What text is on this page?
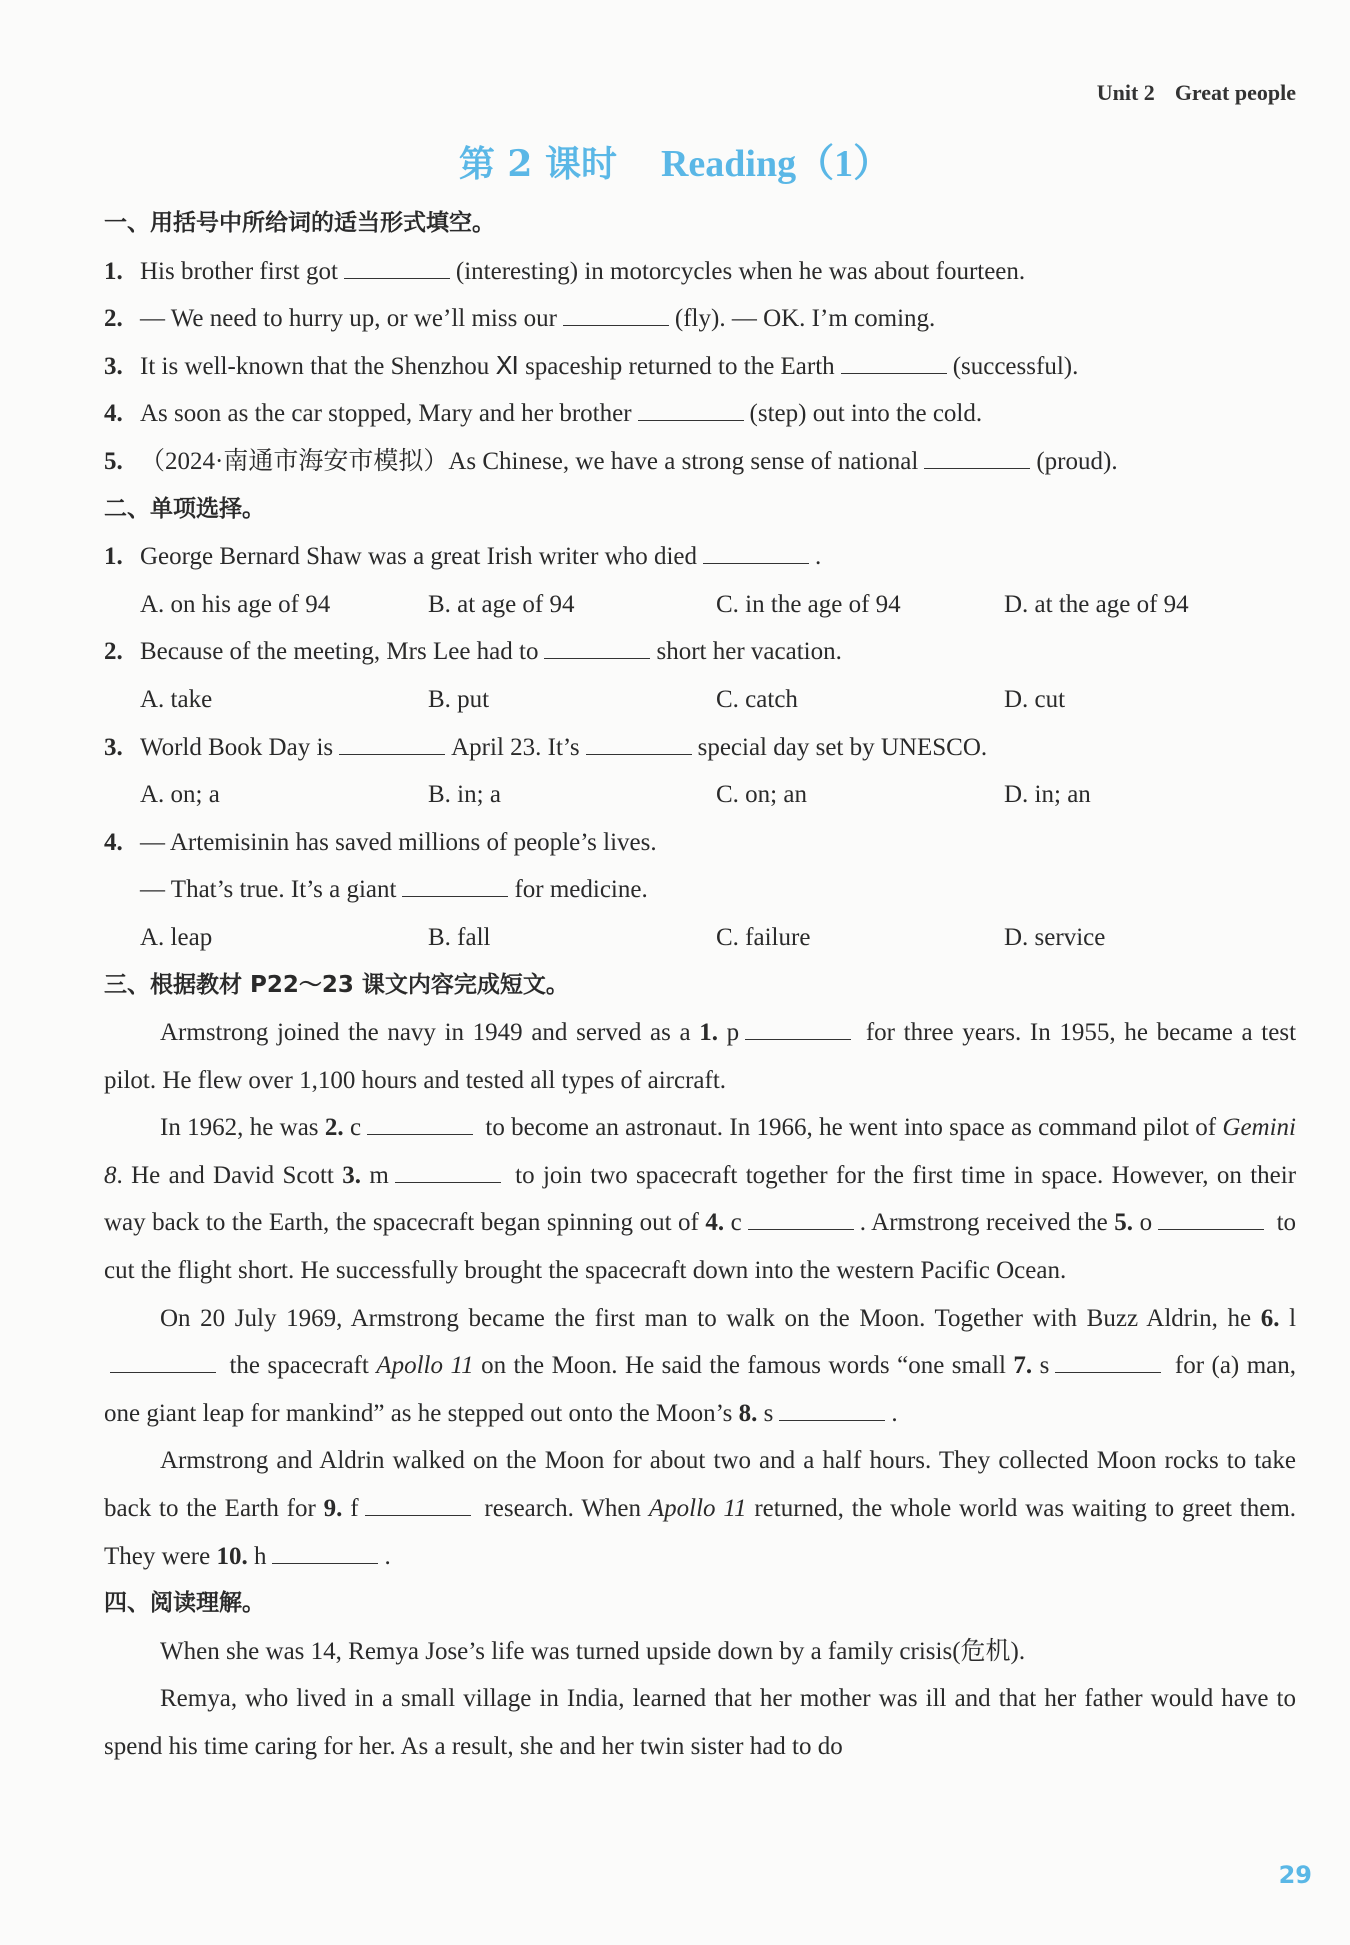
Unit 2 Great people
第 2 课时 Reading（1）
一、用括号中所给词的适当形式填空。
1. His brother first got	(interesting) in motorcycles when he was about fourteen.
2. — We need to hurry up, or we’ll miss our	(fly). — OK. I’m coming.
3. It is well-known that the Shenzhou Ⅺ spaceship returned to the Earth	(successful).
4. As soon as the car stopped, Mary and her brother	(step) out into the cold.
5. （2024·南通市海安市模拟）As Chinese, we have a strong sense of national	(proud).
二、单项选择。
1. George Bernard Shaw was a great Irish writer who died	.
A. on his age of 94	B. at age of 94	C. in the age of 94	D. at the age of 94
2. Because of the meeting, Mrs Lee had to	short her vacation.
A. take	B. put	C. catch	D. cut
3. World Book Day is	April 23. It’s	special day set by UNESCO.
A. on; a	B. in; a	C. on; an	D. in; an
4. — Artemisinin has saved millions of people’s lives.
— That’s true. It’s a giant	for medicine.
A. leap	B. fall	C. failure	D. service
三、根据教材 P22～23 课文内容完成短文。

Armstrong joined the navy in 1949 and served as a 1. p	for three years. In 1955, he became a test pilot. He flew over 1,100 hours and tested all types of aircraft.

In 1962, he was 2. c	to become an astronaut. In 1966, he went into space as command pilot of Gemini 8. He and David Scott 3. m	to join two spacecraft together for the first time in space. However, on their way back to the Earth, the spacecraft began spinning out of 4. c	. Armstrong received the 5. o	to cut the flight short. He successfully brought the spacecraft down into the western Pacific Ocean.

On 20 July 1969, Armstrong became the first man to walk on the Moon. Together with Buzz Aldrin, he 6. l the spacecraft Apollo 11 on the Moon. He said the famous words “one small 7. s	for (a) man, one giant leap for mankind” as he stepped out onto the Moon’s 8. s	.

Armstrong and Aldrin walked on the Moon for about two and a half hours. They collected Moon rocks to take back to the Earth for 9. f	research. When Apollo 11 returned, the whole world was waiting to greet them. They were 10. h	.

四、阅读理解。

When she was 14, Remya Jose’s life was turned upside down by a family crisis(危机).

Remya, who lived in a small village in India, learned that her mother was ill and that her father would have to spend his time caring for her. As a result, she and her twin sister had to do

29
